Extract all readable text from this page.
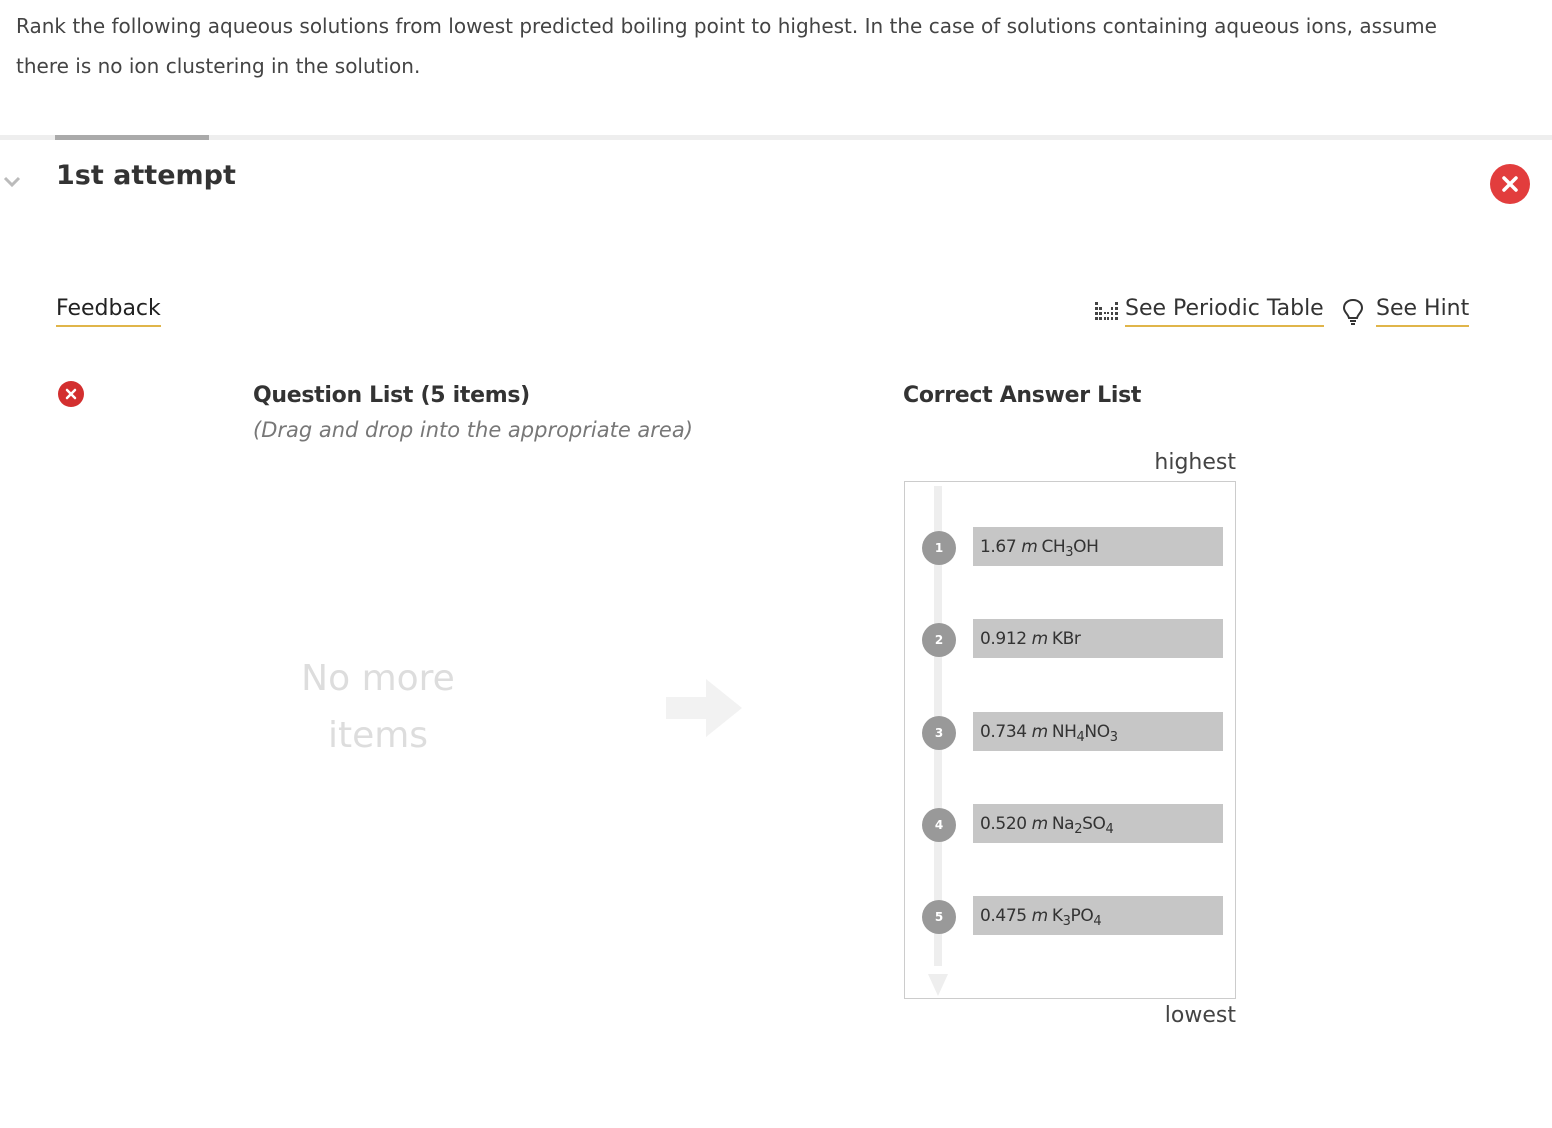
Rank the following aqueous solutions from lowest predicted boiling point to highest. In the case of solutions containing aqueous ions, assume there is no ion clustering in the solution.
1st attempt
Feedback	See Periodic Table See Hint
Question List (5 items)
(Drag and drop into the appropriate area)
No more
items
Correct Answer List
highest
1	1.67 m $CH_3OH$
2	0.912 m KBr
3	0.734 m $NH_4NO_3$
4	0.520 m $Na_2SO_4$
5	0.475 m $K_3PO_4$
lowest
